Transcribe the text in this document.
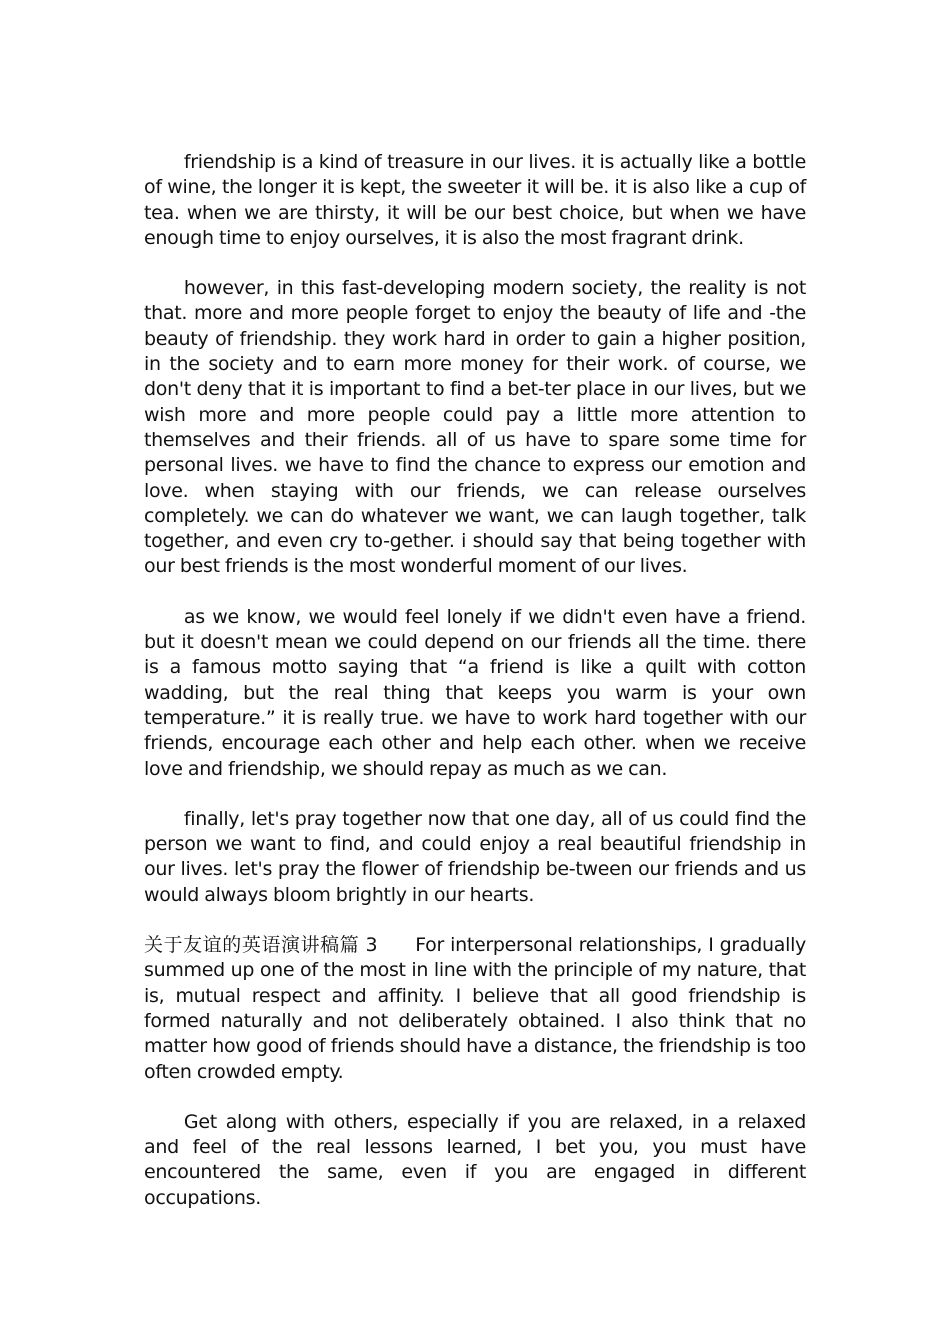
friendship is a kind of treasure in our lives. it is actually like a bottle of wine, the longer it is kept, the sweeter it will be. it is also like a cup of tea. when we are thirsty, it will be our best choice, but when we have enough time to enjoy ourselves, it is also the most fragrant drink.

however, in this fast-developing modern society, the reality is not that. more and more people forget to enjoy the beauty of life and -the beauty of friendship. they work hard in order to gain a higher position, in the society and to earn more money for their work. of course, we don't deny that it is important to find a bet-ter place in our lives, but we wish more and more people could pay a little more attention to themselves and their friends. all of us have to spare some time for personal lives. we have to find the chance to express our emotion and love. when staying with our friends, we can release ourselves completely. we can do whatever we want, we can laugh together, talk together, and even cry to-gether. i should say that being together with our best friends is the most wonderful moment of our lives.

as we know, we would feel lonely if we didn't even have a friend. but it doesn't mean we could depend on our friends all the time. there is a famous motto saying that “a friend is like a quilt with cotton wadding, but the real thing that keeps you warm is your own temperature.” it is really true. we have to work hard together with our friends, encourage each other and help each other. when we receive love and friendship, we should repay as much as we can.

finally, let's pray together now that one day, all of us could find the person we want to find, and could enjoy a real beautiful friendship in our lives. let's pray the flower of friendship be-tween our friends and us would always bloom brightly in our hearts.

关于友谊的英语演讲稿篇 3 For interpersonal relationships, I gradually summed up one of the most in line with the principle of my nature, that is, mutual respect and affinity. I believe that all good friendship is formed naturally and not deliberately obtained. I also think that no matter how good of friends should have a distance, the friendship is too often crowded empty.

Get along with others, especially if you are relaxed, in a relaxed and feel of the real lessons learned, I bet you, you must have encountered the same, even if you are engaged in different occupations.
